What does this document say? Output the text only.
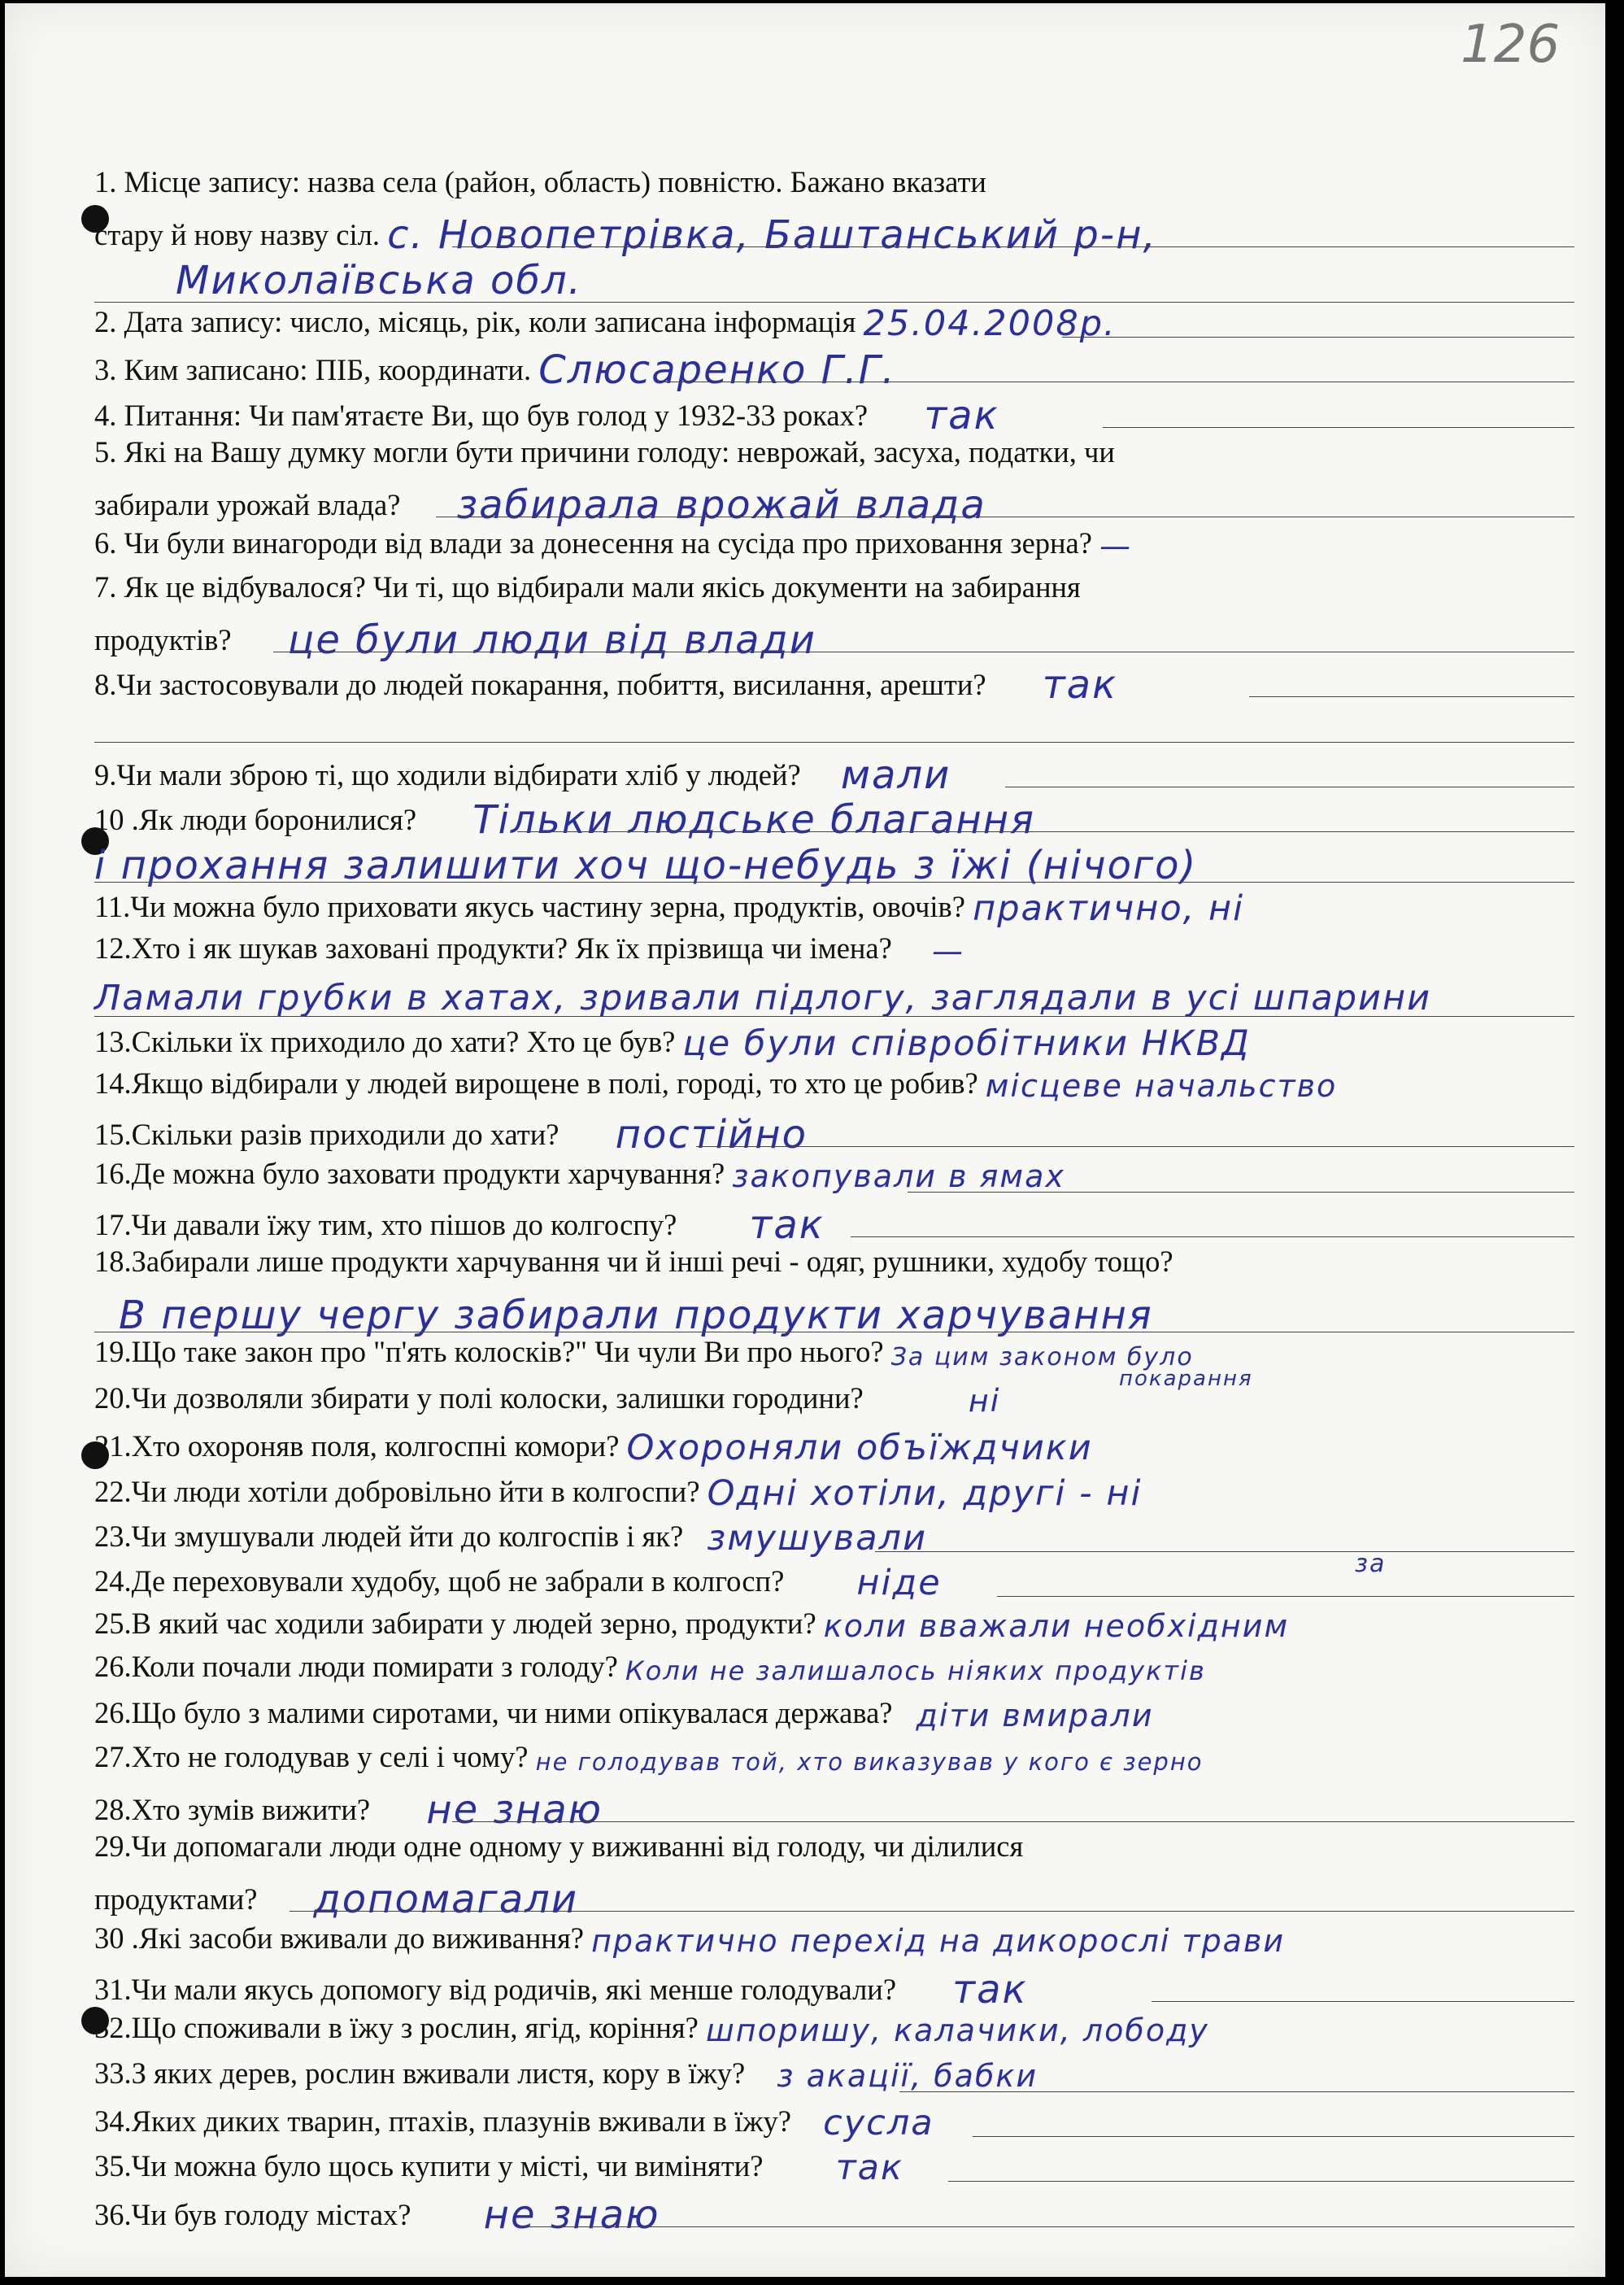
126
1. Місце запису: назва села (район, область) повністю. Бажано вказати
стару й нову назву сіл. с. Новопетрівка, Баштанський р-н,
Миколаївська обл.
2. Дата запису: число, місяць, рік, коли записана інформація 25.04.2008р.
3. Ким записано: ПІБ, координати. Слюсаренко Г.Г.
4. Питання: Чи пам'ятаєте Ви, що був голод у 1932-33 роках? так
5. Які на Вашу думку могли бути причини голоду: неврожай, засуха, податки, чи
забирали урожай влада? забирала врожай влада
6. Чи були винагороди від влади за донесення на сусіда про приховання зерна? —
7. Як це відбувалося? Чи ті, що відбирали мали якісь документи на забирання
продуктів? це були люди від влади
8.Чи застосовували до людей покарання, побиття, висилання, арешти? так
9.Чи мали зброю ті, що ходили відбирати хліб у людей? мали
10 .Як люди боронилися? Тільки людське благання
і прохання залишити хоч що-небудь з їжі (нічого)
11.Чи можна було приховати якусь частину зерна, продуктів, овочів? практично, ні
12.Хто і як шукав заховані продукти? Як їх прізвища чи імена? —
Ламали грубки в хатах, зривали підлогу, заглядали в усі шпарини
13.Скільки їх приходило до хати? Хто це був? це були співробітники НКВД
14.Якщо відбирали у людей вирощене в полі, городі, то хто це робив? місцеве начальство
15.Скільки разів приходили до хати? постійно
16.Де можна було заховати продукти харчування? закопували в ямах
17.Чи давали їжу тим, хто пішов до колгоспу? так
18.Забирали лише продукти харчування чи й інші речі - одяг, рушники, худобу тощо?
В першу чергу забирали продукти харчування
19.Що таке закон про "п'ять колосків?" Чи чули Ви про нього? За цим законом було
20.Чи дозволяли збирати у полі колоски, залишки городини?
покарання
ні
21.Хто охороняв поля, колгоспні комори? Охороняли объїждчики
22.Чи люди хотіли добровільно йти в колгоспи? Одні хотіли, другі - ні
23.Чи змушували людей йти до колгоспів і як? змушували
24.Де переховували худобу, щоб не забрали в колгосп? ніде	за
25.В який час ходили забирати у людей зерно, продукти? коли вважали необхідним
26.Коли почали люди помирати з голоду? Коли не залишалось ніяких продуктів
26.Що було з малими сиротами, чи ними опікувалася держава? діти вмирали
27.Хто не голодував у селі і чому? не голодував той, хто виказував у кого є зерно
28.Хто зумів вижити? не знаю
29.Чи допомагали люди одне одному у виживанні від голоду, чи ділилися
продуктами? допомагали
30 .Які засоби вживали до виживання? практично перехід на дикорослі трави
31.Чи мали якусь допомогу від родичів, які менше голодували? так
32.Що споживали в їжу з рослин, ягід, коріння? шпоришу, калачики, лободу
33.З яких дерев, рослин вживали листя, кору в їжу? з акації, бабки
34.Яких диких тварин, птахів, плазунів вживали в їжу? сусла
35.Чи можна було щось купити у місті, чи виміняти? так
36.Чи був голоду містах? не знаю
